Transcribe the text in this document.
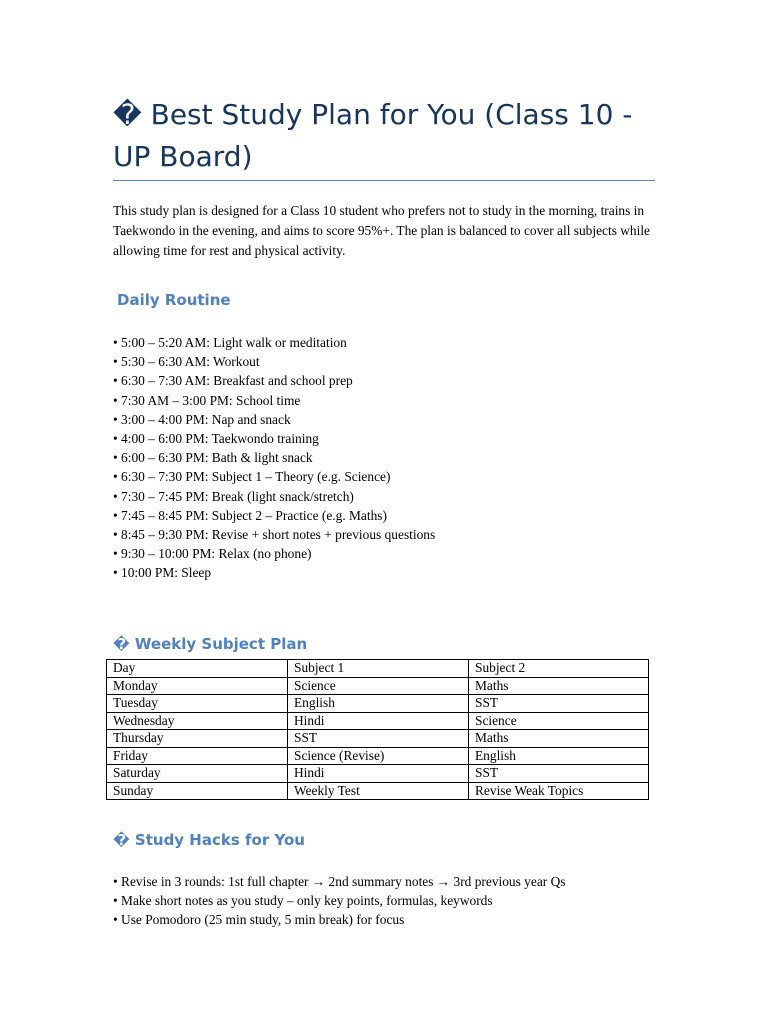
� Best Study Plan for You (Class 10 - UP Board)

This study plan is designed for a Class 10 student who prefers not to study in the morning, trains in Taekwondo in the evening, and aims to score 95%+. The plan is balanced to cover all subjects while allowing time for rest and physical activity.

Daily Routine
• 5:00 – 5:20 AM: Light walk or meditation
• 5:30 – 6:30 AM: Workout
• 6:30 – 7:30 AM: Breakfast and school prep
• 7:30 AM – 3:00 PM: School time
• 3:00 – 4:00 PM: Nap and snack
• 4:00 – 6:00 PM: Taekwondo training
• 6:00 – 6:30 PM: Bath & light snack
• 6:30 – 7:30 PM: Subject 1 – Theory (e.g. Science)
• 7:30 – 7:45 PM: Break (light snack/stretch)
• 7:45 – 8:45 PM: Subject 2 – Practice (e.g. Maths)
• 8:45 – 9:30 PM: Revise + short notes + previous questions
• 9:30 – 10:00 PM: Relax (no phone)
• 10:00 PM: Sleep
� Weekly Subject Plan
Day	Subject 1	Subject 2
Monday	Science	Maths
Tuesday	English	SST
Wednesday	Hindi	Science
Thursday	SST	Maths
Friday	Science (Revise)	English
Saturday	Hindi	SST
Sunday	Weekly Test	Revise Weak Topics
� Study Hacks for You
• Revise in 3 rounds: 1st full chapter → 2nd summary notes → 3rd previous year Qs
• Make short notes as you study – only key points, formulas, keywords
• Use Pomodoro (25 min study, 5 min break) for focus
